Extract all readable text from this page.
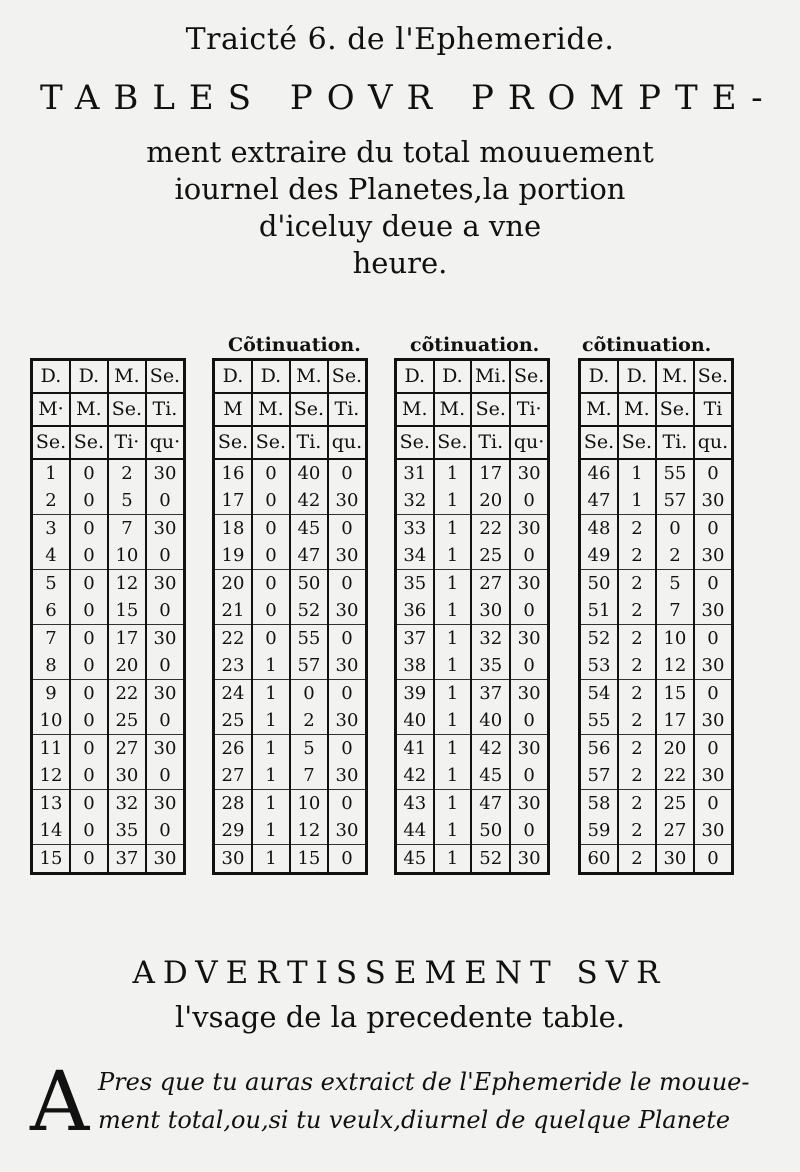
Traicté 6. de l'Ephemeride.
TABLES POVR PROMPTE-
ment extraire du total mouuement
iournel des Planetes,la portion
d'iceluy deue a vne
heure.
Cõtinuation.	cõtinuation. cõtinuation.
D.	D.	M.	Se.
M·	M.	Se.	Ti.
Se.	Se.	Ti·	qu·
1	0	2	30
2	0	5	0
3	0	7	30
4	0	10	0
5	0	12	30
6	0	15	0
7	0	17	30
8	0	20	0
9	0	22	30
10	0	25	0
11	0	27	30
12	0	30	0
13	0	32	30
14	0	35	0
15	0	37	30
D.	D.	M.	Se.
M	M.	Se.	Ti.
Se.	Se.	Ti.	qu.
16	0	40	0
17	0	42	30
18	0	45	0
19	0	47	30
20	0	50	0
21	0	52	30
22	0	55	0
23	1	57	30
24	1	0	0
25	1	2	30
26	1	5	0
27	1	7	30
28	1	10	0
29	1	12	30
30	1	15	0
D.	D.	Mi.	Se.
M.	M.	Se.	Ti·
Se.	Se.	Ti.	qu·
31	1	17	30
32	1	20	0
33	1	22	30
34	1	25	0
35	1	27	30
36	1	30	0
37	1	32	30
38	1	35	0
39	1	37	30
40	1	40	0
41	1	42	30
42	1	45	0
43	1	47	30
44	1	50	0
45	1	52	30
D.	D.	M.	Se.
M.	M.	Se.	Ti
Se.	Se.	Ti.	qu.
46	1	55	0
47	1	57	30
48	2	0	0
49	2	2	30
50	2	5	0
51	2	7	30
52	2	10	0
53	2	12	30
54	2	15	0
55	2	17	30
56	2	20	0
57	2	22	30
58	2	25	0
59	2	27	30
60	2	30	0
ADVERTISSEMENT SVR
l'vsage de la precedente table.
A Pres que tu auras extraict de l'Ephemeride le mouue-
ment total,ou,si tu veulx,diurnel de quelque Planete
